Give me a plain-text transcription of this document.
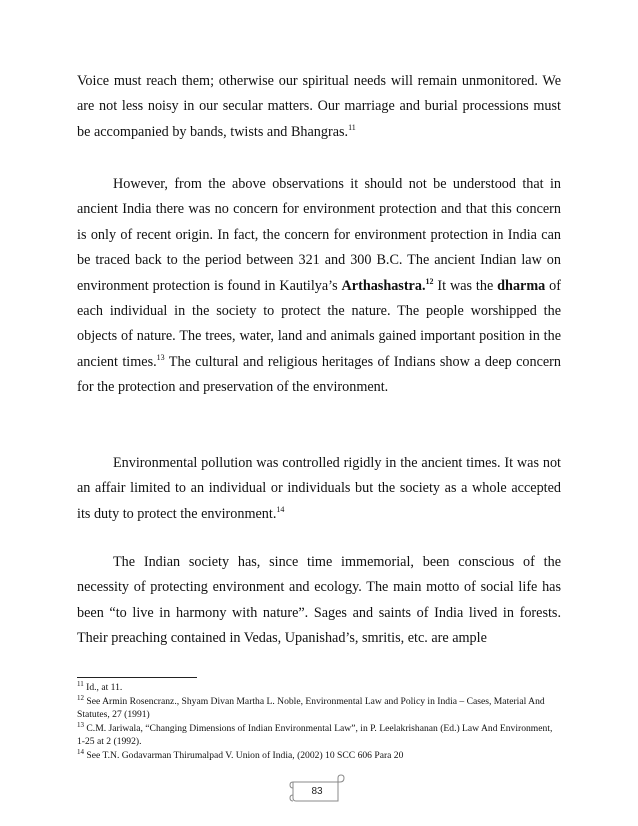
Voice must reach them; otherwise our spiritual needs will remain unmonitored. We are not less noisy in our secular matters. Our marriage and burial processions must be accompanied by bands, twists and Bhangras.$^{11}$

However, from the above observations it should not be understood that in ancient India there was no concern for environment protection and that this concern is only of recent origin. In fact, the concern for environment protection in India can be traced back to the period between 321 and 300 B.C. The ancient Indian law on environment protection is found in Kautilya’s Arthashastra.$^{12}$ It was the dharma of each individual in the society to protect the nature. The people worshipped the objects of nature. The trees, water, land and animals gained important position in the ancient times.$^{13}$ The cultural and religious heritages of Indians show a deep concern for the protection and preservation of the environment.

Environmental pollution was controlled rigidly in the ancient times. It was not an affair limited to an individual or individuals but the society as a whole accepted its duty to protect the environment.$^{14}$

The Indian society has, since time immemorial, been conscious of the necessity of protecting environment and ecology. The main motto of social life has been “to live in harmony with nature”. Sages and saints of India lived in forests. Their preaching contained in Vedas, Upanishad’s, smritis, etc. are ample

$^{11}$ Id., at 11.

$^{12}$ See Armin Rosencranz., Shyam Divan Martha L. Noble, Environmental Law and Policy in India – Cases, Material And Statutes, 27 (1991)

$^{13}$ C.M. Jariwala, “Changing Dimensions of Indian Environmental Law”, in P. Leelakrishanan (Ed.) Law And Environment, 1-25 at 2 (1992).

$^{14}$ See T.N. Godavarman Thirumalpad V. Union of India, (2002) 10 SCC 606 Para 20

83
